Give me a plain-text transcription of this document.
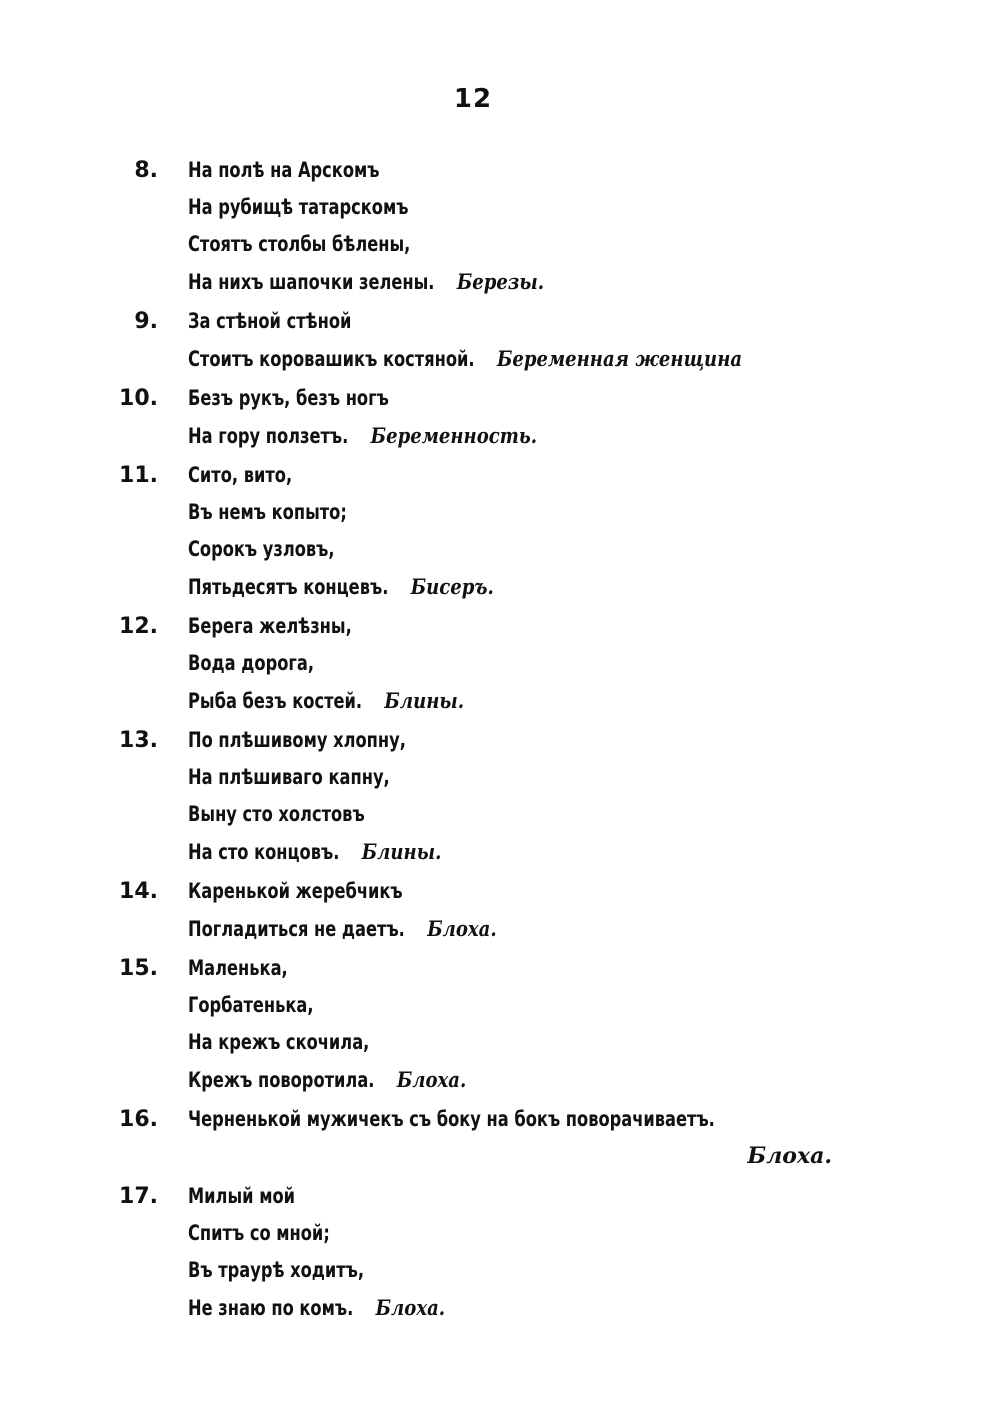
12
8. На полѣ на Арскомъ
На рубищѣ татарскомъ
Стоятъ столбы бѣлены,
На нихъ шапочки зелены. Березы.
9. За стѣной стѣной
Стоитъ коровашикъ костяной. Беременная женщина
10. Безъ рукъ, безъ ногъ
На гору ползетъ. Беременность.
11. Сито, вито,
Въ немъ копыто;
Сорокъ узловъ,
Пятьдесятъ концевъ. Бисеръ.
12. Берега желѣзны,
Вода дорога,
Рыба безъ костей. Блины.
13. По плѣшивому хлопну,
На плѣшиваго капну,
Выну сто холстовъ
На сто концовъ. Блины.
14. Каренькой жеребчикъ
Погладиться не даетъ. Блоха.
15. Маленька,
Горбатенька,
На крежъ скочила,
Крежъ поворотила. Блоха.
16. Черненькой мужичекъ съ боку на бокъ поворачиваетъ.
Блоха.
17. Милый мой
Спитъ со мной;
Въ траурѣ ходитъ,
Не знаю по комъ. Блоха.
